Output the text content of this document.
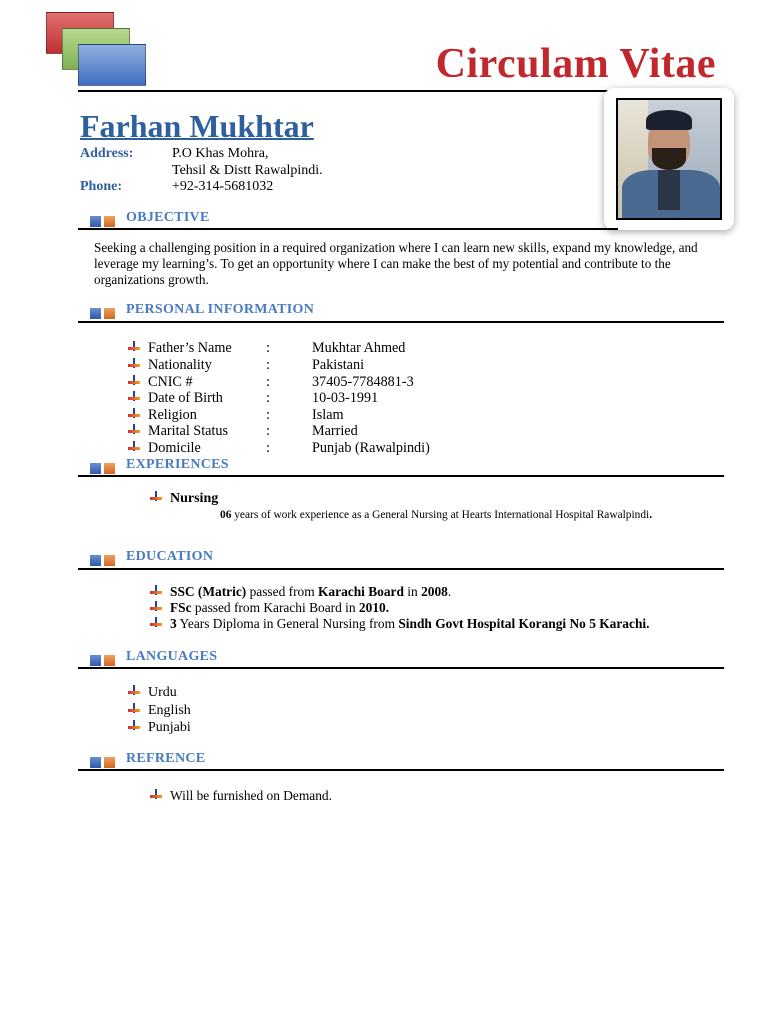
Circulam Vitae
Farhan Mukhtar
Address:	P.O Khas Mohra,
Tehsil & Distt Rawalpindi.
Phone:	+92-314-5681032
OBJECTIVE
Seeking a challenging position in a required organization where I can learn new skills, expand my knowledge, and leverage my learning’s. To get an opportunity where I can make the best of my potential and contribute to the organizations growth.
PERSONAL INFORMATION
Father’s Name :	Mukhtar Ahmed
Nationality	:	Pakistani
CNIC #	:	37405-7784881-3
Date of Birth	:	10-03-1991
Religion	:	Islam
Marital Status	:	Married
Domicile	:	Punjab (Rawalpindi)
EXPERIENCES
Nursing
06 years of work experience as a General Nursing at Hearts International Hospital Rawalpindi.
EDUCATION
SSC (Matric) passed from Karachi Board in 2008.
FSc passed from Karachi Board in 2010.
3 Years Diploma in General Nursing from Sindh Govt Hospital Korangi No 5 Karachi.
LANGUAGES
Urdu
English
Punjabi
REFRENCE
Will be furnished on Demand.
